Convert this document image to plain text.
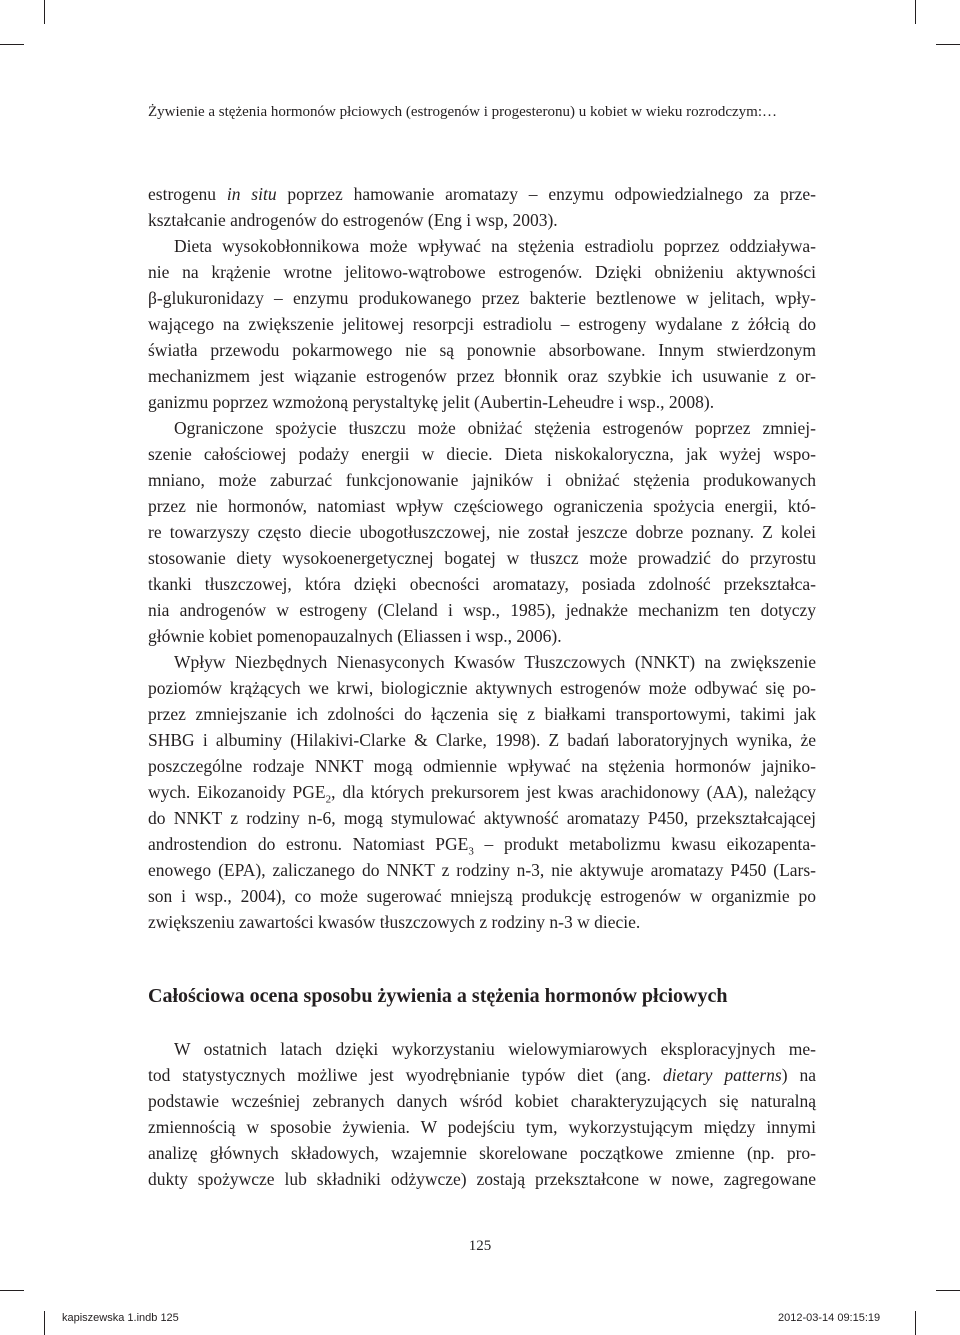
Żywienie a stężenia hormonów płciowych (estrogenów i progesteronu) u kobiet w wieku rozrodczym:…
estrogenu in situ poprzez hamowanie aromatazy – enzymu odpowiedzialnego za prze-
kształcanie androgenów do estrogenów (Eng i wsp, 2003).
Dieta wysokobłonnikowa może wpływać na stężenia estradiolu poprzez oddziaływa-
nie na krążenie wrotne jelitowo-wątrobowe estrogenów. Dzięki obniżeniu aktywności
β-glukuronidazy – enzymu produkowanego przez bakterie beztlenowe w jelitach, wpły-
wającego na zwiększenie jelitowej resorpcji estradiolu – estrogeny wydalane z żółcią do
światła przewodu pokarmowego nie są ponownie absorbowane. Innym stwierdzonym
mechanizmem jest wiązanie estrogenów przez błonnik oraz szybkie ich usuwanie z or-
ganizmu poprzez wzmożoną perystaltykę jelit (Aubertin-Leheudre i wsp., 2008).
Ograniczone spożycie tłuszczu może obniżać stężenia estrogenów poprzez zmniej-
szenie całościowej podaży energii w diecie. Dieta niskokaloryczna, jak wyżej wspo-
mniano, może zaburzać funkcjonowanie jajników i obniżać stężenia produkowanych
przez nie hormonów, natomiast wpływ częściowego ograniczenia spożycia energii, któ-
re towarzyszy często diecie ubogotłuszczowej, nie został jeszcze dobrze poznany. Z kolei
stosowanie diety wysokoenergetycznej bogatej w tłuszcz może prowadzić do przyrostu
tkanki tłuszczowej, która dzięki obecności aromatazy, posiada zdolność przekształca-
nia androgenów w estrogeny (Cleland i wsp., 1985), jednakże mechanizm ten dotyczy
głównie kobiet pomenopauzalnych (Eliassen i wsp., 2006).
Wpływ Niezbędnych Nienasyconych Kwasów Tłuszczowych (NNKT) na zwiększenie
poziomów krążących we krwi, biologicznie aktywnych estrogenów może odbywać się po-
przez zmniejszanie ich zdolności do łączenia się z białkami transportowymi, takimi jak
SHBG i albuminy (Hilakivi-Clarke & Clarke, 1998). Z badań laboratoryjnych wynika, że
poszczególne rodzaje NNKT mogą odmiennie wpływać na stężenia hormonów jajniko-
wych. Eikozanoidy $PGE_2$, dla których prekursorem jest kwas arachidonowy (AA), należący
do NNKT z rodziny n-6, mogą stymulować aktywność aromatazy P450, przekształcającej
androstendion do estronu. Natomiast $PGE_3$ – produkt metabolizmu kwasu eikozapenta-
enowego (EPA), zaliczanego do NNKT z rodziny n-3, nie aktywuje aromatazy P450 (Lars-
son i wsp., 2004), co może sugerować mniejszą produkcję estrogenów w organizmie po
zwiększeniu zawartości kwasów tłuszczowych z rodziny n-3 w diecie.
Całościowa ocena sposobu żywienia a stężenia hormonów płciowych
W ostatnich latach dzięki wykorzystaniu wielowymiarowych eksploracyjnych me-
tod statystycznych możliwe jest wyodrębnianie typów diet (ang. dietary patterns) na
podstawie wcześniej zebranych danych wśród kobiet charakteryzujących się naturalną
zmiennością w sposobie żywienia. W podejściu tym, wykorzystującym między innymi
analizę głównych składowych, wzajemnie skorelowane początkowe zmienne (np. pro-
dukty spożywcze lub składniki odżywcze) zostają przekształcone w nowe, zagregowane
125
kapiszewska 1.indb 125	2012-03-14 09:15:19
